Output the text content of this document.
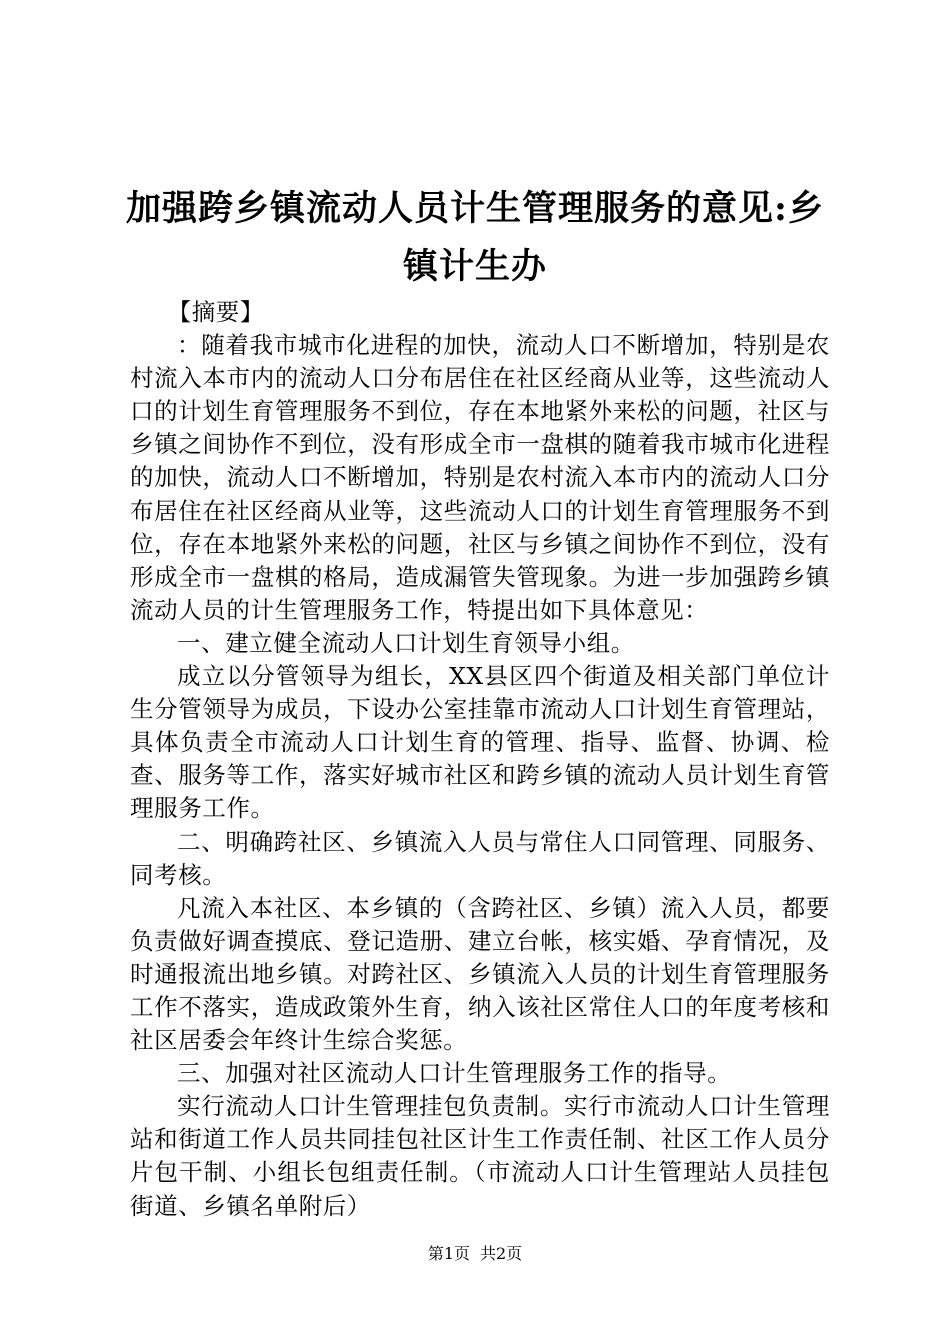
加强跨乡镇流动人员计生管理服务的意见:乡镇计生办

【摘要】

：随着我市城市化进程的加快，流动人口不断增加，特别是农村流入本市内的流动人口分布居住在社区经商从业等，这些流动人口的计划生育管理服务不到位，存在本地紧外来松的问题，社区与乡镇之间协作不到位，没有形成全市一盘棋的随着我市城市化进程的加快，流动人口不断增加，特别是农村流入本市内的流动人口分布居住在社区经商从业等，这些流动人口的计划生育管理服务不到位，存在本地紧外来松的问题，社区与乡镇之间协作不到位，没有形成全市一盘棋的格局，造成漏管失管现象。为进一步加强跨乡镇流动人员的计生管理服务工作，特提出如下具体意见：

一、建立健全流动人口计划生育领导小组。

成立以分管领导为组长，XX县区四个街道及相关部门单位计生分管领导为成员，下设办公室挂靠市流动人口计划生育管理站，具体负责全市流动人口计划生育的管理、指导、监督、协调、检查、服务等工作，落实好城市社区和跨乡镇的流动人员计划生育管理服务工作。

二、明确跨社区、乡镇流入人员与常住人口同管理、同服务、同考核。

凡流入本社区、本乡镇的（含跨社区、乡镇）流入人员，都要负责做好调查摸底、登记造册、建立台帐，核实婚、孕育情况，及时通报流出地乡镇。对跨社区、乡镇流入人员的计划生育管理服务工作不落实，造成政策外生育，纳入该社区常住人口的年度考核和社区居委会年终计生综合奖惩。

三、加强对社区流动人口计生管理服务工作的指导。

实行流动人口计生管理挂包负责制。实行市流动人口计生管理站和街道工作人员共同挂包社区计生工作责任制、社区工作人员分片包干制、小组长包组责任制。（市流动人口计生管理站人员挂包街道、乡镇名单附后）

第1页 共2页
